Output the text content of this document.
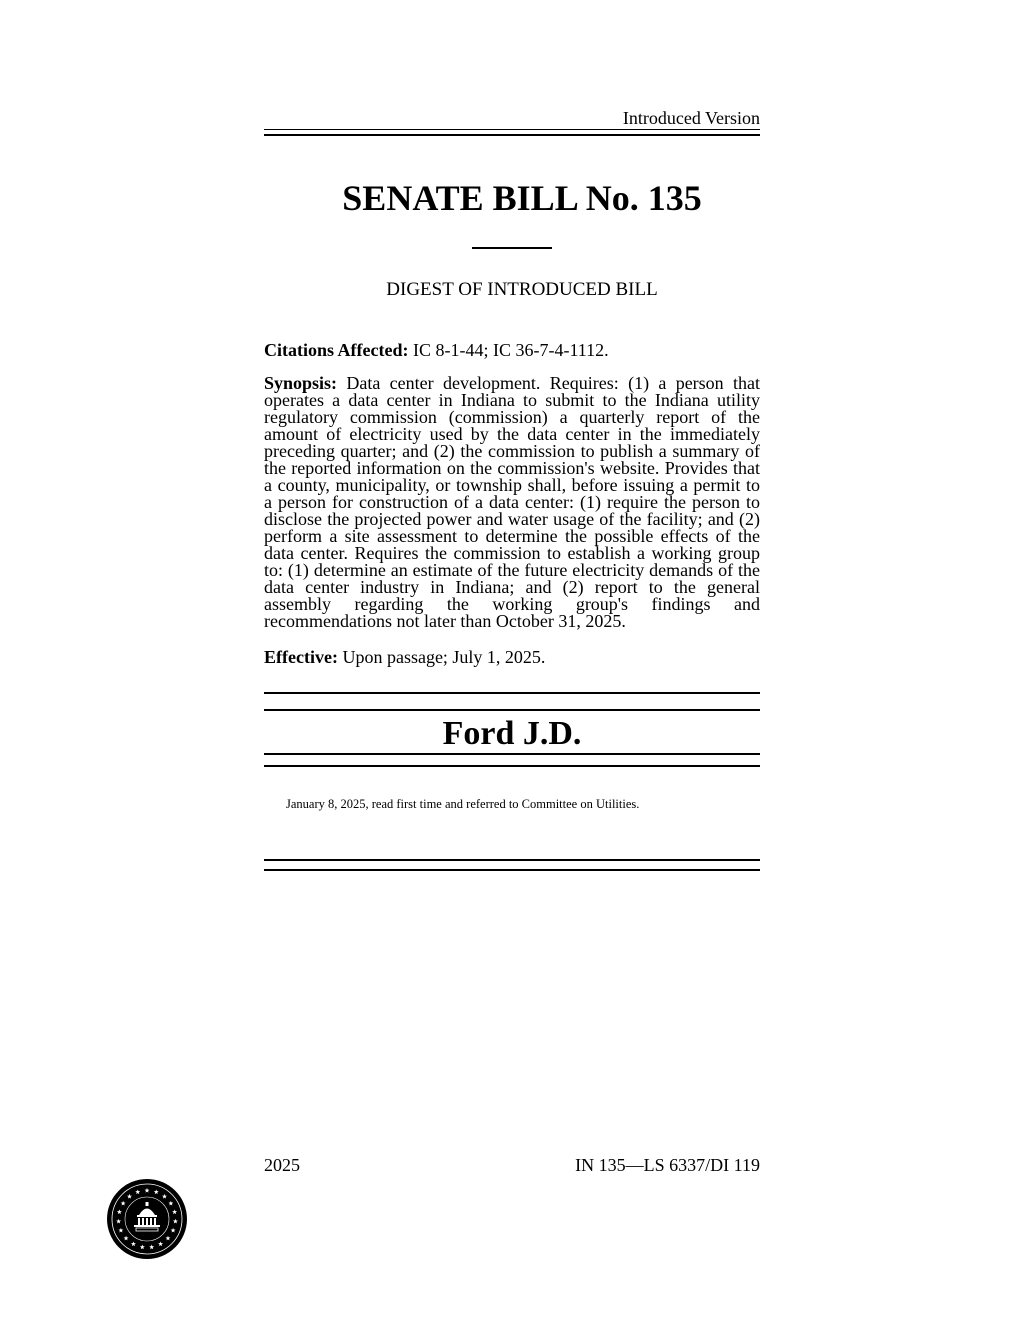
Introduced Version
SENATE BILL No. 135
DIGEST OF INTRODUCED BILL
Citations Affected: IC 8-1-44; IC 36-7-4-1112.
Synopsis: Data center development. Requires: (1) a person that operates a data center in Indiana to submit to the Indiana utility regulatory commission (commission) a quarterly report of the amount of electricity used by the data center in the immediately preceding quarter; and (2) the commission to publish a summary of the reported information on the commission's website. Provides that a county, municipality, or township shall, before issuing a permit to a person for construction of a data center: (1) require the person to disclose the projected power and water usage of the facility; and (2) perform a site assessment to determine the possible effects of the data center. Requires the commission to establish a working group to: (1) determine an estimate of the future electricity demands of the data center industry in Indiana; and (2) report to the general assembly regarding the working group's findings and recommendations not later than October 31, 2025.
Effective: Upon passage; July 1, 2025.
Ford J.D.
January 8, 2025, read first time and referred to Committee on Utilities.
2025	IN 135—LS 6337/DI 119
